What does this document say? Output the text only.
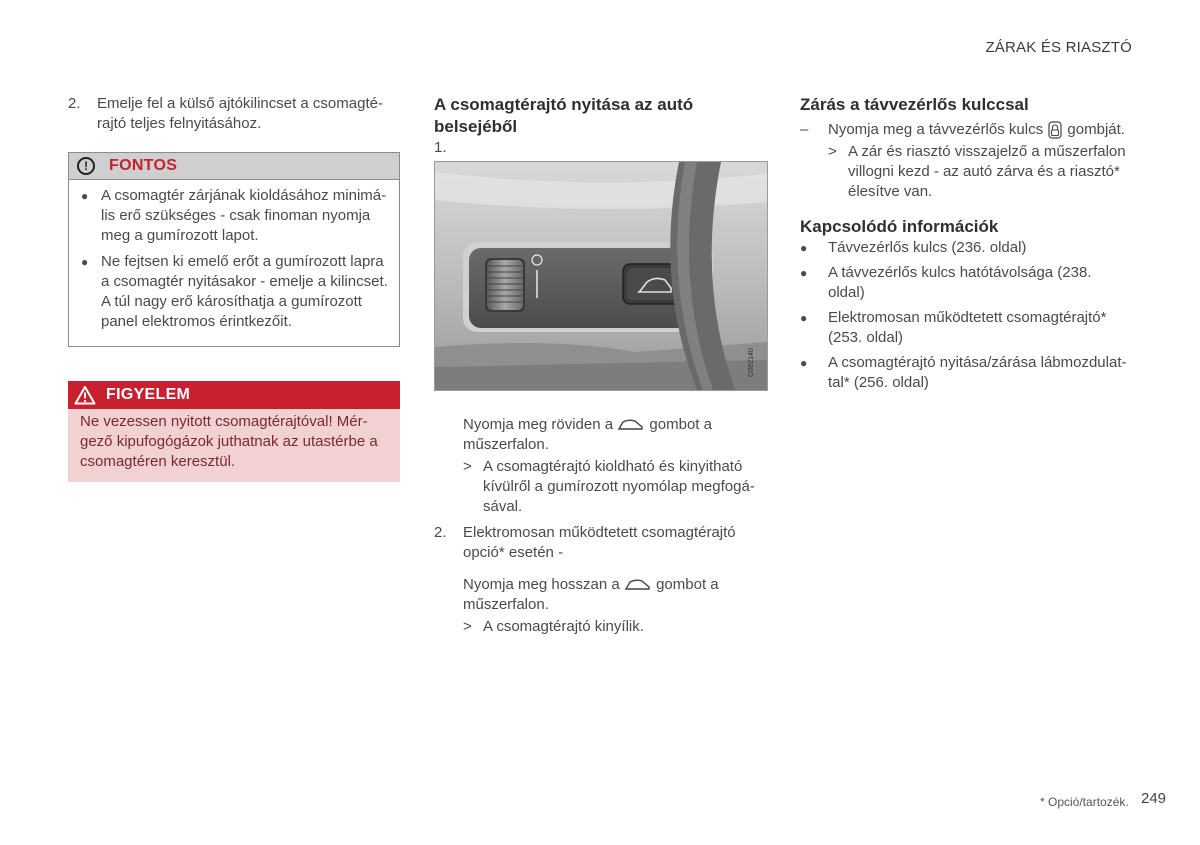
ZÁRAK ÉS RIASZTÓ
2.	Emelje fel a külső ajtókilincset a csomagté-rajtó teljes felnyitásához.
!	FONTOS
● A csomagtér zárjának kioldásához minimá-lis erő szükséges - csak finoman nyomja meg a gumírozott lapot.
● Ne fejtsen ki emelő erőt a gumírozott lapra a csomagtér nyitásakor - emelje a kilincset. A túl nagy erő károsíthatja a gumírozott panel elektromos érintkezőit.
FIGYELEM
Ne vezessen nyitott csomagtérajtóval! Mér-gező kipufogógázok juthatnak az utastérbe a csomagtéren keresztül.
A csomagtérajtó nyitása az autó belsejéből
1.
G062140
Nyomja meg röviden a gombot a műszerfalon.
> A csomagtérajtó kioldható és kinyitható kívülről a gumírozott nyomólap megfogá-sával.
2.	Elektromosan működtetett csomagtérajtó opció* esetén -
Nyomja meg hosszan a gombot a műszerfalon.
> A csomagtérajtó kinyílik.
Zárás a távvezérlős kulccsal
–	Nyomja meg a távvezérlős kulcs gombját.
> A zár és riasztó visszajelző a műszerfalon villogni kezd - az autó zárva és a riasztó* élesítve van.
Kapcsolódó információk
●	Távvezérlős kulcs (236. oldal)
●	A távvezérlős kulcs hatótávolsága (238. oldal)
●	Elektromosan működtetett csomagtérajtó* (253. oldal)
●	A csomagtérajtó nyitása/zárása lábmozdulat-tal* (256. oldal)
* Opció/tartozék. 249
